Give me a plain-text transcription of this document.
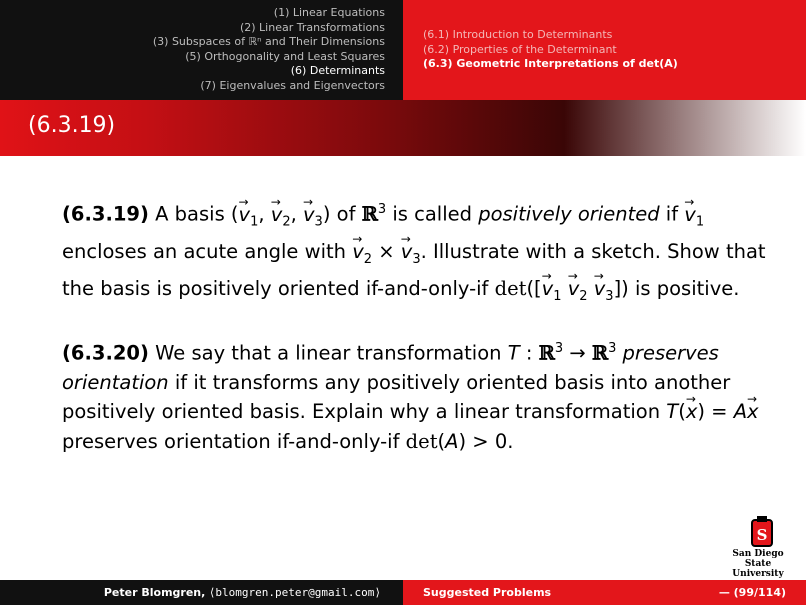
(1) Linear Equations
(2) Linear Transformations
(3) Subspaces of ℝⁿ and Their Dimensions
(5) Orthogonality and Least Squares
(6) Determinants
(7) Eigenvalues and Eigenvectors
(6.1) Introduction to Determinants
(6.2) Properties of the Determinant
(6.3) Geometric Interpretations of det(A)
(6.3.19)

(6.3.19) A basis (→ $v_1$, → $v_2$, → $v_3$) of ℝ$^3$ is called positively oriented if → $v_1$ encloses an acute angle with → $v_2$ × → $v_3$. Illustrate with a sketch. Show that the basis is positively oriented if-and-only-if $\det([\to v_1 \to v_2 \to v_3])$ is positive.

(6.3.20) We say that a linear transformation T : ℝ$^3$ → ℝ$^3$ preserves orientation if it transforms any positively oriented basis into another positively oriented basis. Explain why a linear transformation T(→ x) = A→ x preserves orientation if-and-only-if det(A) > 0.

S
San Diego State
University
Peter Blomgren, ⟨blomgren.peter@gmail.com⟩	Suggested Problems	— (99/114)
